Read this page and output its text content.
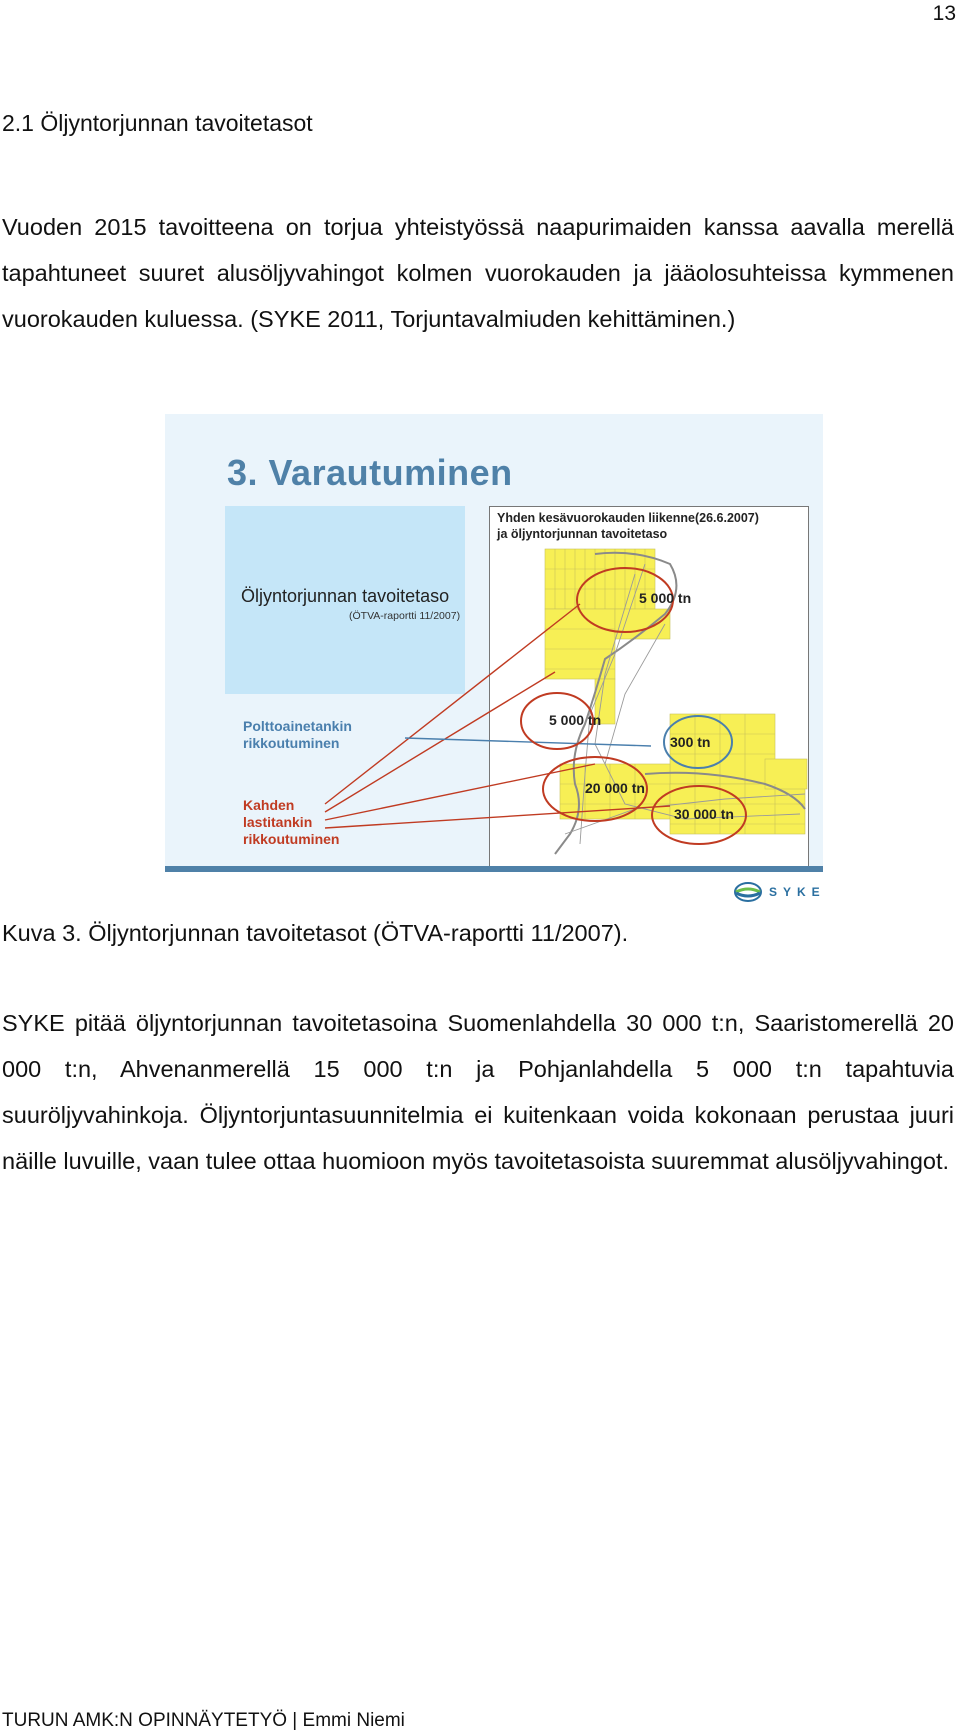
13
2.1 Öljyntorjunnan tavoitetasot

Vuoden 2015 tavoitteena on torjua yhteistyössä naapurimaiden kanssa aavalla merellä tapahtuneet suuret alusöljyvahingot kolmen vuorokauden ja jääolosuhteissa kymmenen vuorokauden kuluessa. (SYKE 2011, Torjuntavalmiuden kehittäminen.)

3. Varautuminen
Öljyntorjunnan tavoitetaso
(ÖTVA-raportti 11/2007)
Polttoainetankin
rikkoutuminen
Kahden
lastitankin
rikkoutuminen
Yhden kesävuorokauden liikenne(26.6.2007)
ja öljyntorjunnan tavoitetaso
5 000 tn
5 000 tn
300 tn
20 000 tn
30 000 tn
SYKE
Kuva 3. Öljyntorjunnan tavoitetasot (ÖTVA-raportti 11/2007).

SYKE pitää öljyntorjunnan tavoitetasoina Suomenlahdella 30 000 t:n, Saaristomerellä 20 000 t:n, Ahvenanmerellä 15 000 t:n ja Pohjanlahdella 5 000 t:n tapahtuvia suuröljyvahinkoja. Öljyntorjuntasuunnitelmia ei kuitenkaan voida kokonaan perustaa juuri näille luvuille, vaan tulee ottaa huomioon myös tavoitetasoista suuremmat alusöljyvahingot.

TURUN AMK:N OPINNÄYTETYÖ | Emmi Niemi
